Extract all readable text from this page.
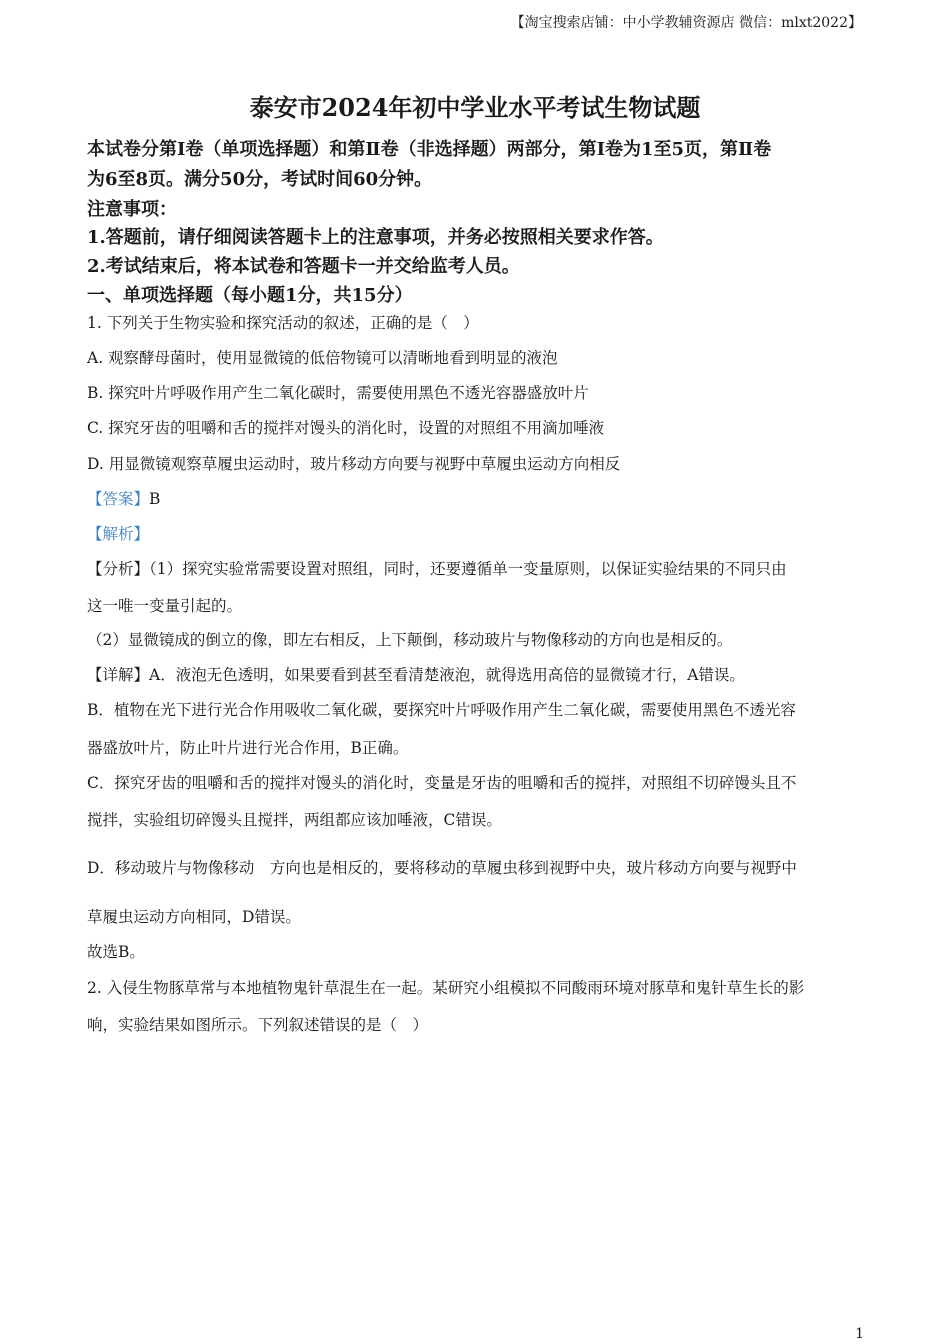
【淘宝搜索店铺：中小学教辅资源店 微信：mlxt2022】
泰安市2024年初中学业水平考试生物试题
本试卷分第Ⅰ卷（单项选择题）和第Ⅱ卷（非选择题）两部分，第Ⅰ卷为1至5页，第Ⅱ卷
为6至8页。满分50分，考试时间60分钟。
注意事项：
1.答题前，请仔细阅读答题卡上的注意事项，并务必按照相关要求作答。
2.考试结束后，将本试卷和答题卡一并交给监考人员。
一、单项选择题（每小题1分，共15分）
1. 下列关于生物实验和探究活动的叙述，正确的是（　）
A. 观察酵母菌时，使用显微镜的低倍物镜可以清晰地看到明显的液泡
B. 探究叶片呼吸作用产生二氧化碳时，需要使用黑色不透光容器盛放叶片
C. 探究牙齿的咀嚼和舌的搅拌对馒头的消化时，设置的对照组不用滴加唾液
D. 用显微镜观察草履虫运动时，玻片移动方向要与视野中草履虫运动方向相反
【答案】B
【解析】
【分析】（1）探究实验常需要设置对照组，同时，还要遵循单一变量原则，以保证实验结果的不同只由
这一唯一变量引起的。
（2）显微镜成的倒立的像，即左右相反，上下颠倒，移动玻片与物像移动的方向也是相反的。
【详解】A．液泡无色透明，如果要看到甚至看清楚液泡，就得选用高倍的显微镜才行，A错误。
B．植物在光下进行光合作用吸收二氧化碳，要探究叶片呼吸作用产生二氧化碳，需要使用黑色不透光容
器盛放叶片，防止叶片进行光合作用，B正确。
C．探究牙齿的咀嚼和舌的搅拌对馒头的消化时，变量是牙齿的咀嚼和舌的搅拌，对照组不切碎馒头且不
搅拌，实验组切碎馒头且搅拌，两组都应该加唾液，C错误。
D．移动玻片与物像移动　方向也是相反的，要将移动的草履虫移到视野中央，玻片移动方向要与视野中
草履虫运动方向相同，D错误。
故选B。
2. 入侵生物豚草常与本地植物鬼针草混生在一起。某研究小组模拟不同酸雨环境对豚草和鬼针草生长的影
响，实验结果如图所示。下列叙述错误的是（　）
1
